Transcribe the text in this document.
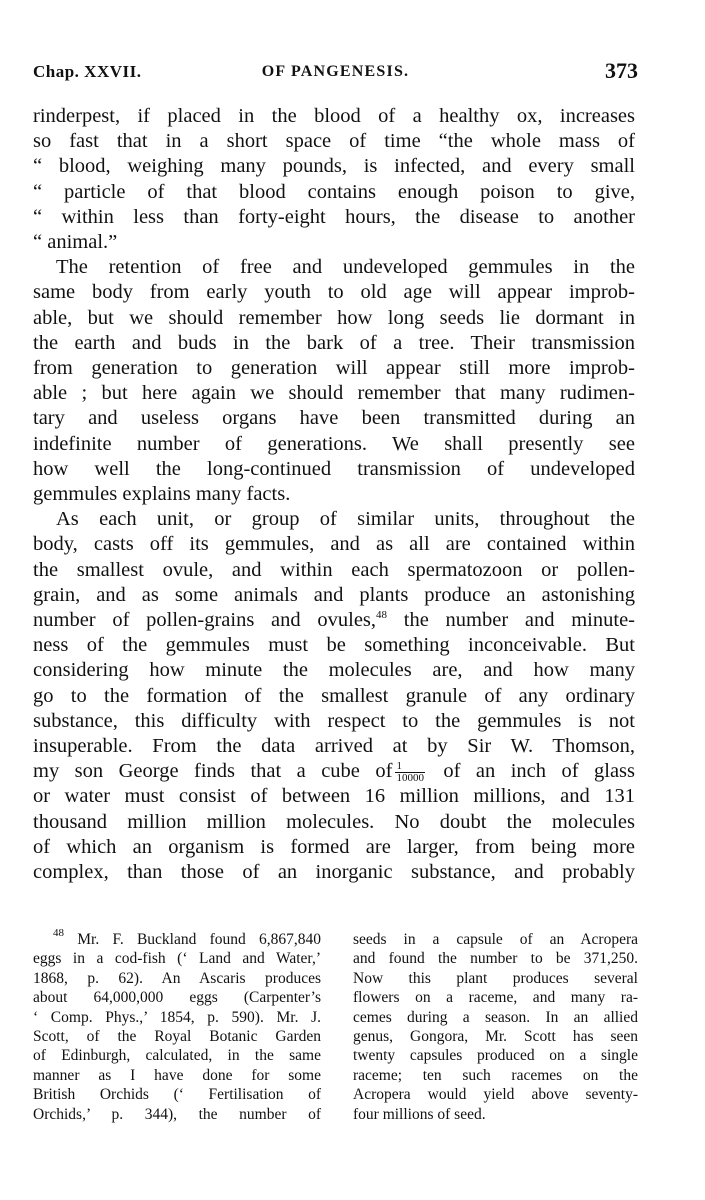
Chap. XXVII.	OF PANGENESIS.	373
rinderpest, if placed in the blood of a healthy ox, increases
so fast that in a short space of time “the whole mass of
“ blood, weighing many pounds, is infected, and every small
“ particle of that blood contains enough poison to give,
“ within less than forty-eight hours, the disease to another
“ animal.”
The retention of free and undeveloped gemmules in the
same body from early youth to old age will appear improb-
able, but we should remember how long seeds lie dormant in
the earth and buds in the bark of a tree. Their transmission
from generation to generation will appear still more improb-
able ; but here again we should remember that many rudimen-
tary and useless organs have been transmitted during an
indefinite number of generations. We shall presently see
how well the long-continued transmission of undeveloped
gemmules explains many facts.
As each unit, or group of similar units, throughout the
body, casts off its gemmules, and as all are contained within
the smallest ovule, and within each spermatozoon or pollen-
grain, and as some animals and plants produce an astonishing
number of pollen-grains and ovules,$^{48}$ the number and minute-
ness of the gemmules must be something inconceivable. But
considering how minute the molecules are, and how many
go to the formation of the smallest granule of any ordinary
substance, this difficulty with respect to the gemmules is not
insuperable. From the data arrived at by Sir W. Thomson,
my son George finds that a cube of $\frac{1}{10000}$ of an inch of glass
or water must consist of between 16 million millions, and 131
thousand million million molecules. No doubt the molecules
of which an organism is formed are larger, from being more
complex, than those of an inorganic substance, and probably
$^{48}$ Mr. F. Buckland found 6,867,840
eggs in a cod-fish (‘ Land and Water,’
1868, p. 62). An Ascaris produces
about 64,000,000 eggs (Carpenter’s
‘ Comp. Phys.,’ 1854, p. 590). Mr. J.
Scott, of the Royal Botanic Garden
of Edinburgh, calculated, in the same
manner as I have done for some
British Orchids (‘ Fertilisation of
Orchids,’ p. 344), the number of
seeds in a capsule of an Acropera
and found the number to be 371,250.
Now this plant produces several
flowers on a raceme, and many ra-
cemes during a season. In an allied
genus, Gongora, Mr. Scott has seen
twenty capsules produced on a single
raceme; ten such racemes on the
Acropera would yield above seventy-
four millions of seed.
